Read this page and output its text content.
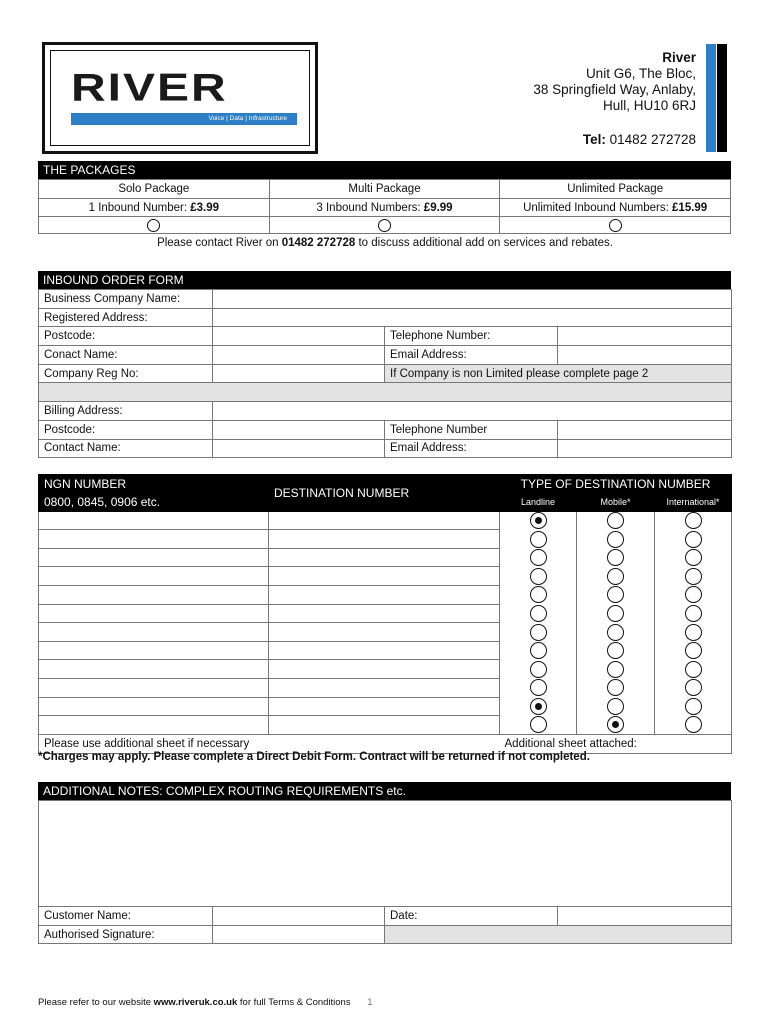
RIVER
Voice | Data | Infrastructure
River
Unit G6, The Bloc,
38 Springfield Way, Anlaby,
Hull, HU10 6RJ
Tel: 01482 272728
THE PACKAGES
Solo Package	Multi Package	Unlimited Package
1 Inbound Number: £3.99	3 Inbound Numbers: £9.99	Unlimited Inbound Numbers: £15.99

Please contact River on 01482 272728 to discuss additional add on services and rebates.
INBOUND ORDER FORM
Business Company Name:			
Registered Address:			
Postcode:		Telephone Number:	
Conact Name:		Email Address:	
Company Reg No:		If Company is non Limited please complete page 2	

Billing Address:			
Postcode:		Telephone Number	
Contact Name:		Email Address:	
NGN NUMBER	DESTINATION NUMBER	TYPE OF DESTINATION NUMBER		
0800, 0845, 0906 etc.		Landline	Mobile*	International*

Please use additional sheet if necessary		Additional sheet attached:		
*Charges may apply. Please complete a Direct Debit Form. Contract will be returned if not completed.
ADDITIONAL NOTES: COMPLEX ROUTING REQUIREMENTS etc.

Customer Name:		Date:	
Authorised Signature:			
Please refer to our website www.riveruk.co.uk for full Terms & Conditions 1
